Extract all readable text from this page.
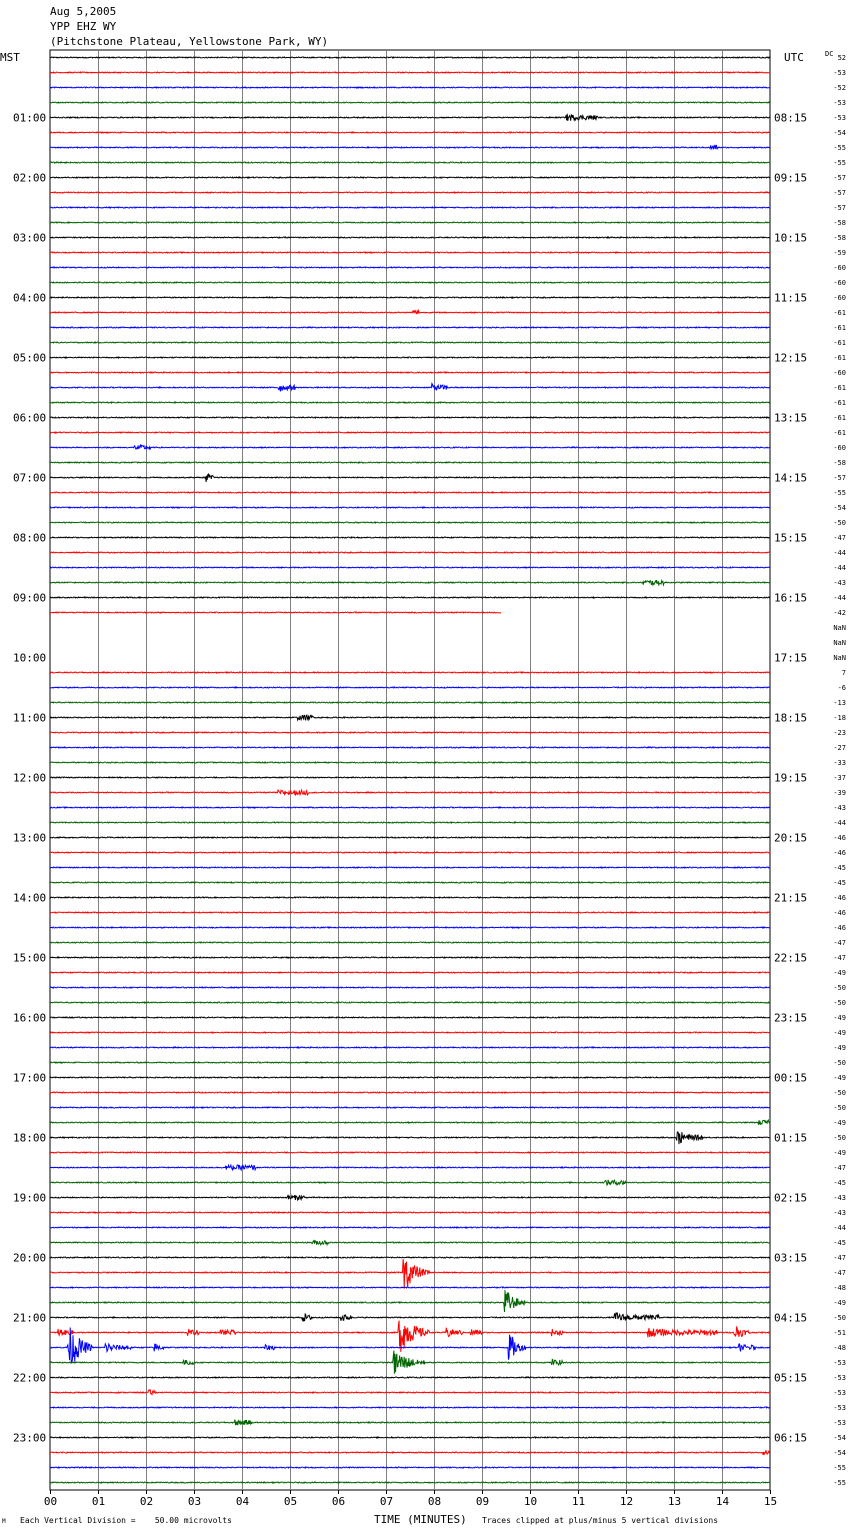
Aug 5,2005
YPP EHZ WY
(Pitchstone Plateau, Yellowstone Park, WY)
MST	UTC	DC
01:00
02:00
03:00
04:00
05:00
06:00
07:00
08:00
09:00
10:00
11:00
12:00
13:00
14:00
15:00
16:00
17:00
18:00
19:00
20:00
21:00
22:00
23:00
08:15
09:15
10:15
11:15
12:15
13:15
14:15
15:15
16:15
17:15
18:15
19:15
20:15
21:15
22:15
23:15
00:15
01:15
02:15
03:15
04:15
05:15
06:15
52
-53
-52
-53
-53
-54
-55
-55
-57
-57
-57
-58
-58
-59
-60
-60
-60
-61
-61
-61
-61
-60
-61
-61
-61
-61
-60
-58
-57
-55
-54
-50
-47
-44
-44
-43
-44
-42
NaN
NaN
NaN
7
-6
-13
-18
-23
-27
-33
-37
-39
-43
-44
-46
-46
-45
-45
-46
-46
-46
-47
-47
-49
-50
-50
-49
-49
-49
-50
-49
-50
-50
-49
-50
-49
-47
-45
-43
-43
-44
-45
-47
-47
-48
-49
-50
-51
-48
-53
-53
-53
-53
-53
-54
-54
-55
-55
00	01	02	03	04	05	06	07	08	09	10	11	12	13	14	15
M Each Vertical Division =    50.00 microvolts	TIME (MINUTES) Traces clipped at plus/minus 5 vertical divisions
